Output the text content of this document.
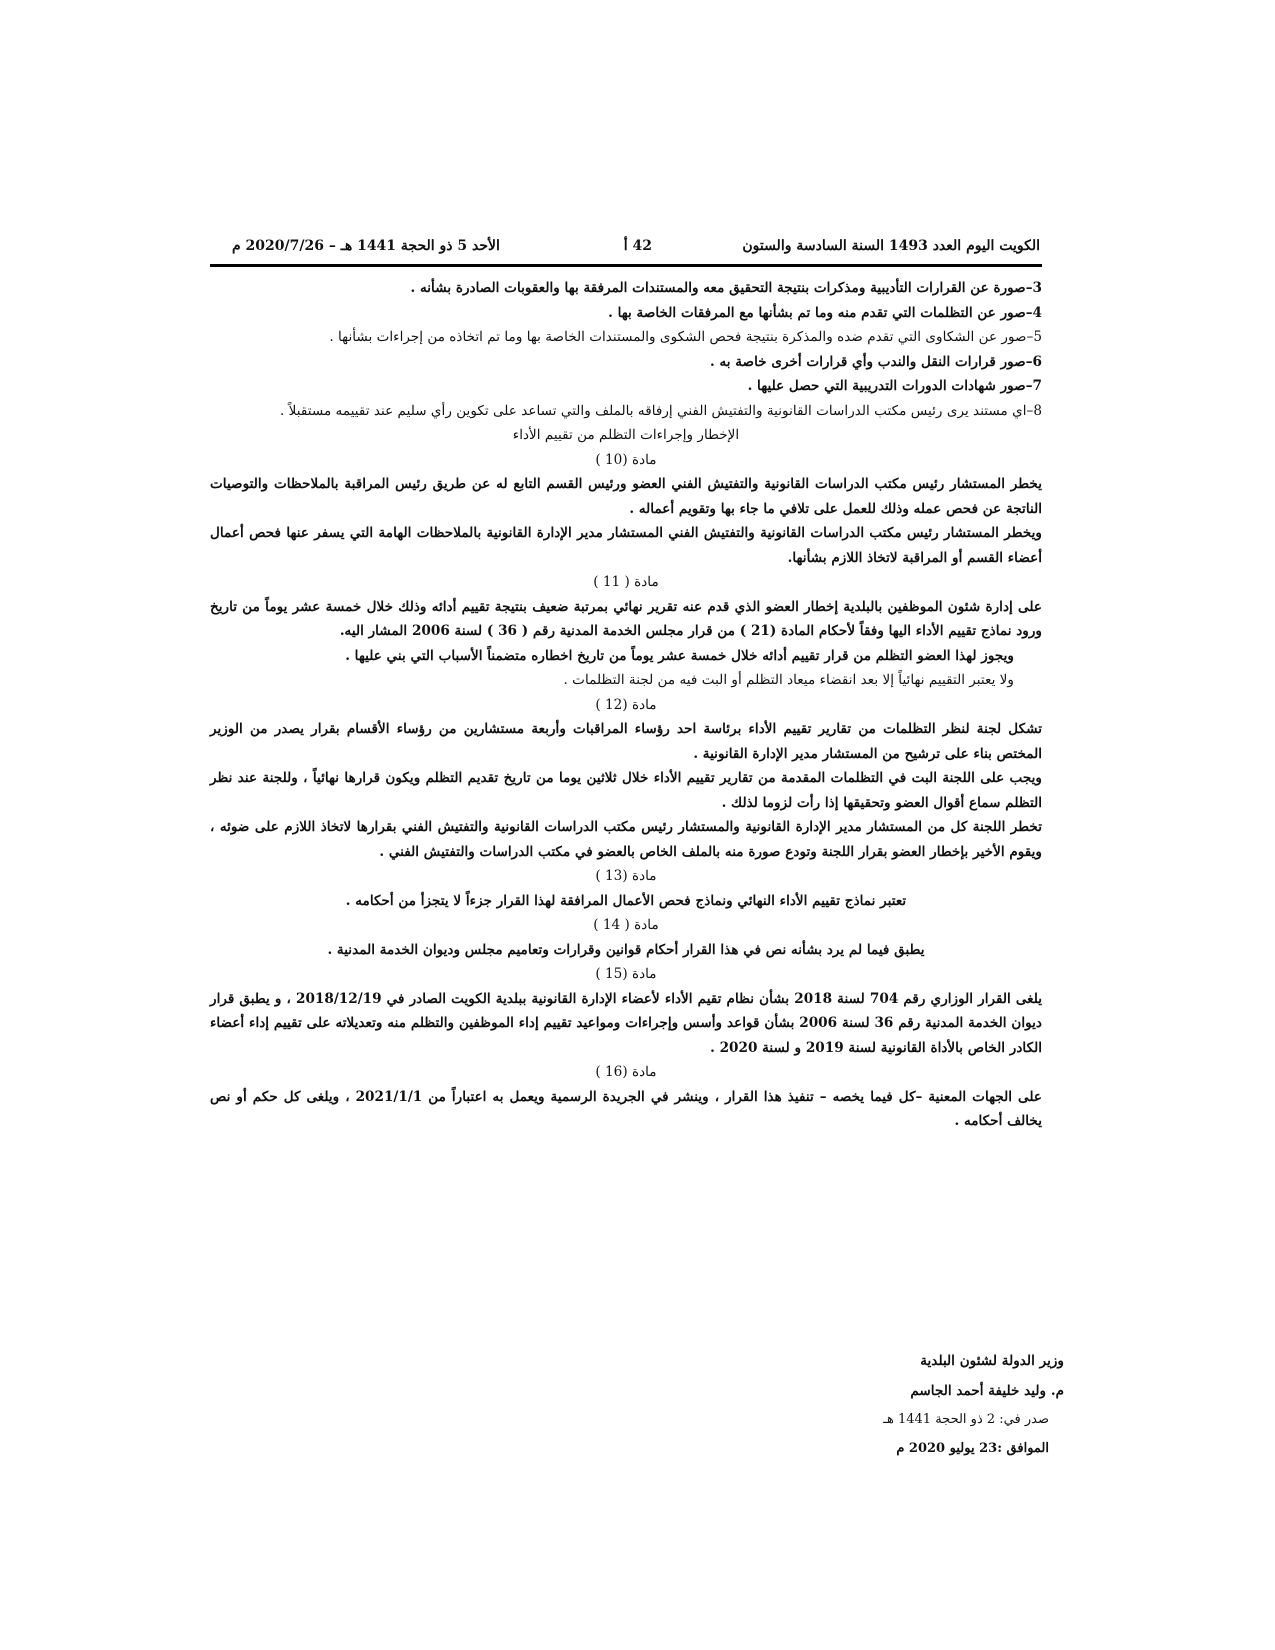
الكويت اليوم العدد 1493 السنة السادسة والستون
42 أ
الأحد 5 ذو الحجة 1441 هـ – 2020/7/26 م

3–صورة عن القرارات التأديبية ومذكرات بنتيجة التحقيق معه والمستندات المرفقة بها والعقوبات الصادرة بشأنه .

4–صور عن التظلمات التي تقدم منه وما تم بشأنها مع المرفقات الخاصة بها .

5–صور عن الشكاوى التي تقدم ضده والمذكرة بنتيجة فحص الشكوى والمستندات الخاصة بها وما تم اتخاذه من إجراءات بشأنها .

6–صور قرارات النقل والندب وأي قرارات أخرى خاصة به .

7–صور شهادات الدورات التدريبية التي حصل عليها .

8–اي مستند يرى رئيس مكتب الدراسات القانونية والتفتيش الفني إرفاقه بالملف والتي تساعد على تكوين رأي سليم عند تقييمه مستقبلاً .

الإخطار وإجراءات التظلم من تقييم الأداء

مادة (10 )

يخطر المستشار رئيس مكتب الدراسات القانونية والتفتيش الفني العضو ورئيس القسم التابع له عن طريق رئيس المراقبة بالملاحظات والتوصيات الناتجة عن فحص عمله وذلك للعمل على تلافي ما جاء بها وتقويم أعماله .

ويخطر المستشار رئيس مكتب الدراسات القانونية والتفتيش الفني المستشار مدير الإدارة القانونية بالملاحظات الهامة التي يسفر عنها فحص أعمال أعضاء القسم أو المراقبة لاتخاذ اللازم بشأنها.

مادة ( 11 )

على إدارة شئون الموظفين بالبلدية إخطار العضو الذي قدم عنه تقرير نهائي بمرتبة ضعيف بنتيجة تقييم أدائه وذلك خلال خمسة عشر يوماً من تاريخ ورود نماذج تقييم الأداء اليها وفقاً لأحكام المادة (21 ) من قرار مجلس الخدمة المدنية رقم ( 36 ) لسنة 2006 المشار اليه.

ويجوز لهذا العضو التظلم من قرار تقييم أدائه خلال خمسة عشر يوماً من تاريخ اخطاره متضمناً الأسباب التي بني عليها .

ولا يعتبر التقييم نهائياً إلا بعد انقضاء ميعاد التظلم أو البت فيه من لجنة التظلمات .

مادة (12 )

تشكل لجنة لنظر التظلمات من تقارير تقييم الأداء برئاسة احد رؤساء المراقبات وأربعة مستشارين من رؤساء الأقسام بقرار يصدر من الوزير المختص بناء على ترشيح من المستشار مدير الإدارة القانونية .

ويجب على اللجنة البت في التظلمات المقدمة من تقارير تقييم الأداء خلال ثلاثين يوما من تاريخ تقديم التظلم ويكون قرارها نهائياً ، وللجنة عند نظر التظلم سماع أقوال العضو وتحقيقها إذا رأت لزوما لذلك .

تخطر اللجنة كل من المستشار مدير الإدارة القانونية والمستشار رئيس مكتب الدراسات القانونية والتفتيش الفني بقرارها لاتخاذ اللازم على ضوئه ، ويقوم الأخير بإخطار العضو بقرار اللجنة وتودع صورة منه بالملف الخاص بالعضو في مكتب الدراسات والتفتيش الفني .

مادة (13 )

تعتبر نماذج تقييم الأداء النهائي ونماذج فحص الأعمال المرافقة لهذا القرار جزءاً لا يتجزأ من أحكامه .

مادة ( 14 )

يطبق فيما لم يرد بشأنه نص في هذا القرار أحكام قوانين وقرارات وتعاميم مجلس وديوان الخدمة المدنية .

مادة (15 )

يلغى القرار الوزاري رقم 704 لسنة 2018 بشأن نظام تقيم الأداء لأعضاء الإدارة القانونية ببلدية الكويت الصادر في 2018/12/19 ، و يطبق قرار ديوان الخدمة المدنية رقم 36 لسنة 2006 بشأن قواعد وأسس وإجراءات ومواعيد تقييم إداء الموظفين والتظلم منه وتعديلاته على تقييم إداء أعضاء الكادر الخاص بالأداة القانونية لسنة 2019 و لسنة 2020 .

مادة (16 )

على الجهات المعنية –كل فيما يخصه – تنفيذ هذا القرار ، وينشر في الجريدة الرسمية ويعمل به اعتباراً من 2021/1/1 ، ويلغى كل حكم أو نص يخالف أحكامه .

وزير الدولة لشئون البلدية
م. وليد خليفة أحمد الجاسم
صدر في: 2 ذو الحجة 1441 هـ
الموافق :23 يوليو 2020 م
